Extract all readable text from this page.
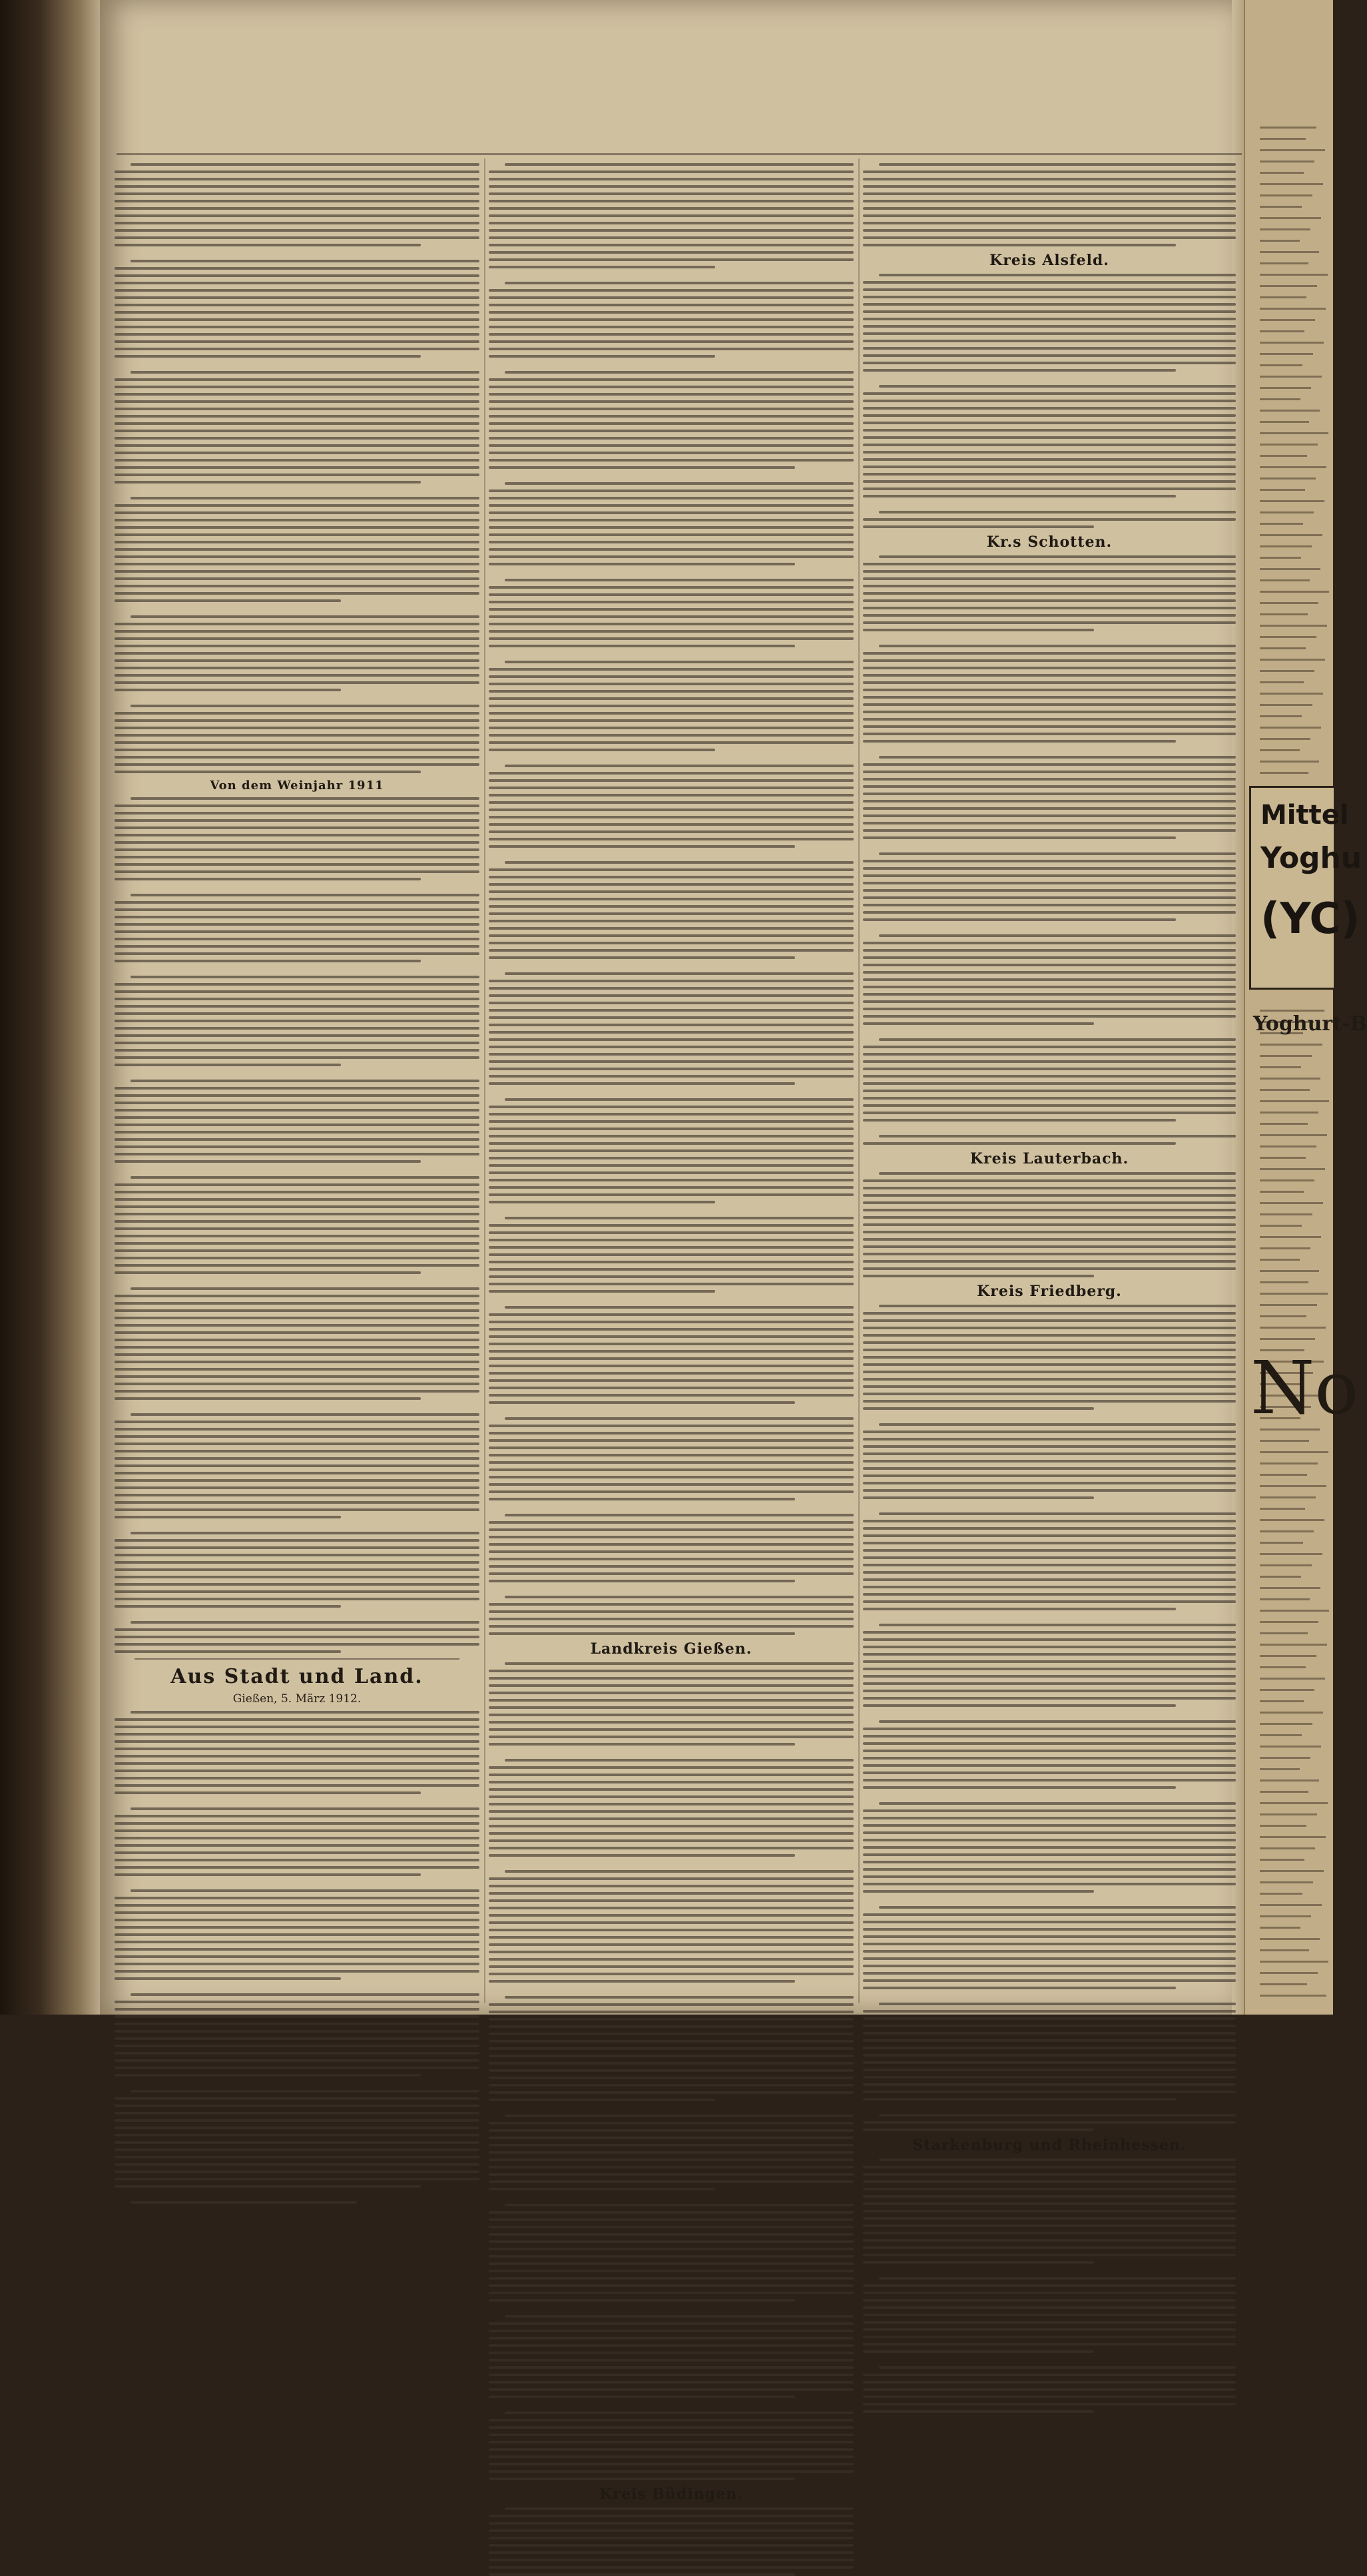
Von dem Weinjahr 1911
Aus Stadt und Land.
Gießen, 5. März 1912.
Landkreis Gießen.
Kreis Büdingen.
Kreis Alsfeld.
Kr.s Schotten.
Kreis Lauterbach.
Kreis Friedberg.
Starkenburg und Rheinhessen.
Mittel
Yoghu
(YC)
Yoghurt-B
No
